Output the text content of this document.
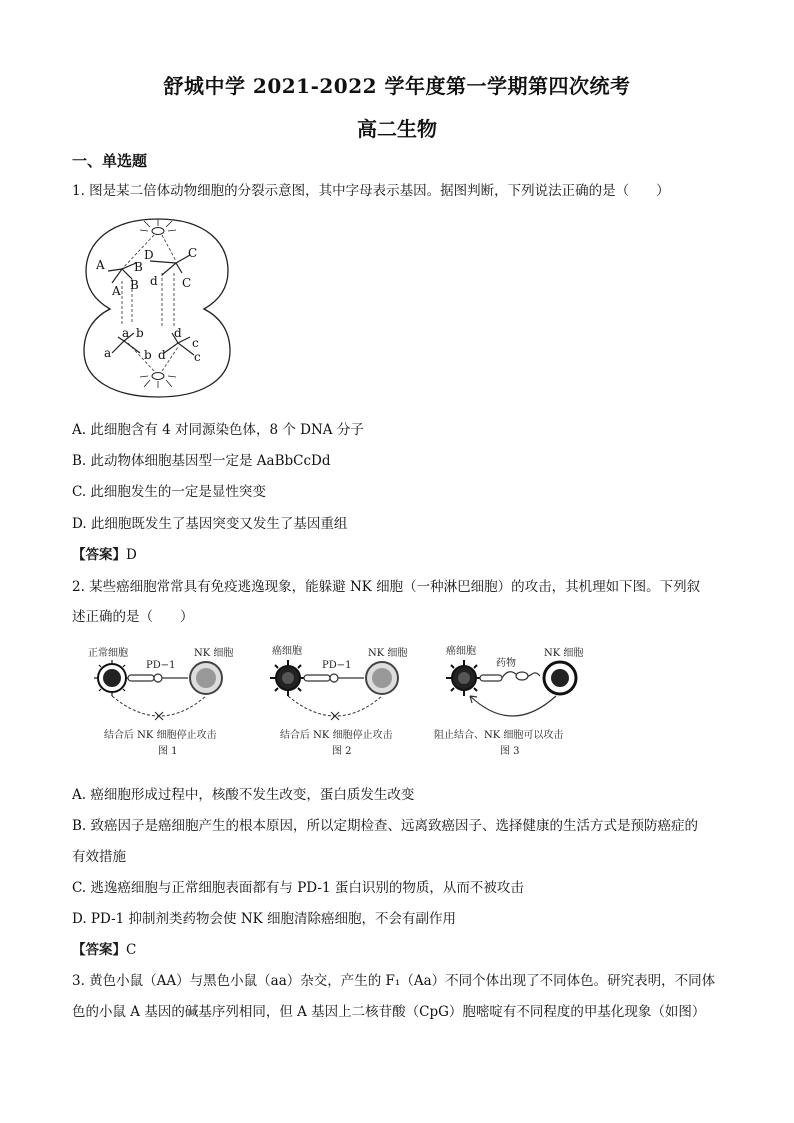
舒城中学 2021-2022 学年度第一学期第四次统考
高二生物
一、单选题
1. 图是某二倍体动物细胞的分裂示意图，其中字母表示基因。据图判断，下列说法正确的是（　　）
A B
D	C
A B d C
a b	d
c
a	b d c
A. 此细胞含有 4 对同源染色体，8 个 DNA 分子
B. 此动物体细胞基因型一定是 AaBbCcDd
C. 此细胞发生的一定是显性突变
D. 此细胞既发生了基因突变又发生了基因重组
【答案】D
2. 某些癌细胞常常具有免疫逃逸现象，能躲避 NK 细胞（一种淋巴细胞）的攻击，其机理如下图。下列叙
述正确的是（　　）
正常细胞
PD−1
NK 细胞
结合后 NK 细胞停止攻击
图 1
癌细胞
PD−1
NK 细胞
结合后 NK 细胞停止攻击
图 2
癌细胞
药物
NK 细胞
阻止结合、NK 细胞可以攻击
图 3
A. 癌细胞形成过程中，核酸不发生改变，蛋白质发生改变
B. 致癌因子是癌细胞产生的根本原因，所以定期检查、远离致癌因子、选择健康的生活方式是预防癌症的
有效措施
C. 逃逸癌细胞与正常细胞表面都有与 PD-1 蛋白识别的物质，从而不被攻击
D. PD-1 抑制剂类药物会使 NK 细胞清除癌细胞，不会有副作用
【答案】C
3. 黄色小鼠（AA）与黑色小鼠（aa）杂交，产生的 F₁（Aa）不同个体出现了不同体色。研究表明，不同体
色的小鼠 A 基因的碱基序列相同，但 A 基因上二核苷酸（CpG）胞嘧啶有不同程度的甲基化现象（如图）
